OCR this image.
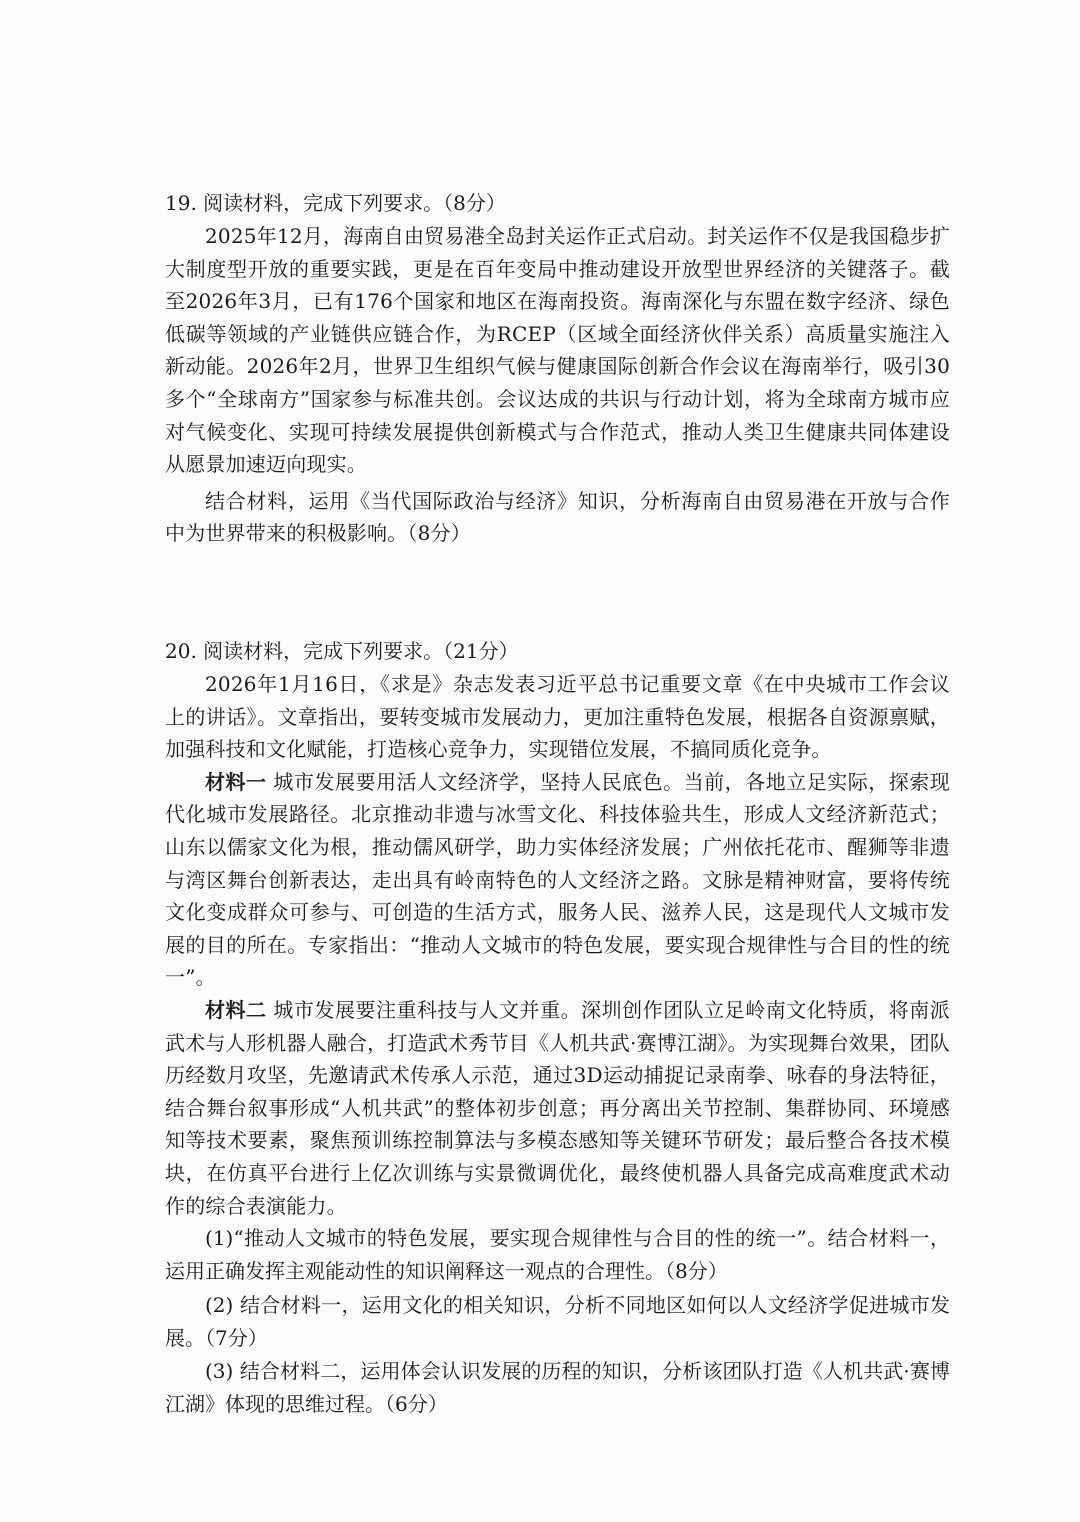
19. 阅读材料，完成下列要求。（8分）

2025年12月，海南自由贸易港全岛封关运作正式启动。封关运作不仅是我国稳步扩大制度型开放的重要实践，更是在百年变局中推动建设开放型世界经济的关键落子。截至2026年3月，已有176个国家和地区在海南投资。海南深化与东盟在数字经济、绿色低碳等领域的产业链供应链合作，为RCEP（区域全面经济伙伴关系）高质量实施注入新动能。2026年2月，世界卫生组织气候与健康国际创新合作会议在海南举行，吸引30多个“全球南方”国家参与标准共创。会议达成的共识与行动计划，将为全球南方城市应对气候变化、实现可持续发展提供创新模式与合作范式，推动人类卫生健康共同体建设从愿景加速迈向现实。

结合材料，运用《当代国际政治与经济》知识，分析海南自由贸易港在开放与合作中为世界带来的积极影响。（8分）

20. 阅读材料，完成下列要求。（21分）

2026年1月16日，《求是》杂志发表习近平总书记重要文章《在中央城市工作会议上的讲话》。文章指出，要转变城市发展动力，更加注重特色发展，根据各自资源禀赋，加强科技和文化赋能，打造核心竞争力，实现错位发展，不搞同质化竞争。

材料一 城市发展要用活人文经济学，坚持人民底色。当前，各地立足实际，探索现代化城市发展路径。北京推动非遗与冰雪文化、科技体验共生，形成人文经济新范式；山东以儒家文化为根，推动儒风研学，助力实体经济发展；广州依托花市、醒狮等非遗与湾区舞台创新表达，走出具有岭南特色的人文经济之路。文脉是精神财富，要将传统文化变成群众可参与、可创造的生活方式，服务人民、滋养人民，这是现代人文城市发展的目的所在。专家指出：“推动人文城市的特色发展，要实现合规律性与合目的性的统一”。

材料二 城市发展要注重科技与人文并重。深圳创作团队立足岭南文化特质，将南派武术与人形机器人融合，打造武术秀节目《人机共武·赛博江湖》。为实现舞台效果，团队历经数月攻坚，先邀请武术传承人示范，通过3D运动捕捉记录南拳、咏春的身法特征，结合舞台叙事形成“人机共武”的整体初步创意；再分离出关节控制、集群协同、环境感知等技术要素，聚焦预训练控制算法与多模态感知等关键环节研发；最后整合各技术模块，在仿真平台进行上亿次训练与实景微调优化，最终使机器人具备完成高难度武术动作的综合表演能力。

(1)“推动人文城市的特色发展，要实现合规律性与合目的性的统一”。结合材料一，运用正确发挥主观能动性的知识阐释这一观点的合理性。（8分）

(2) 结合材料一，运用文化的相关知识，分析不同地区如何以人文经济学促进城市发展。（7分）

(3) 结合材料二，运用体会认识发展的历程的知识，分析该团队打造《人机共武·赛博江湖》体现的思维过程。（6分）
